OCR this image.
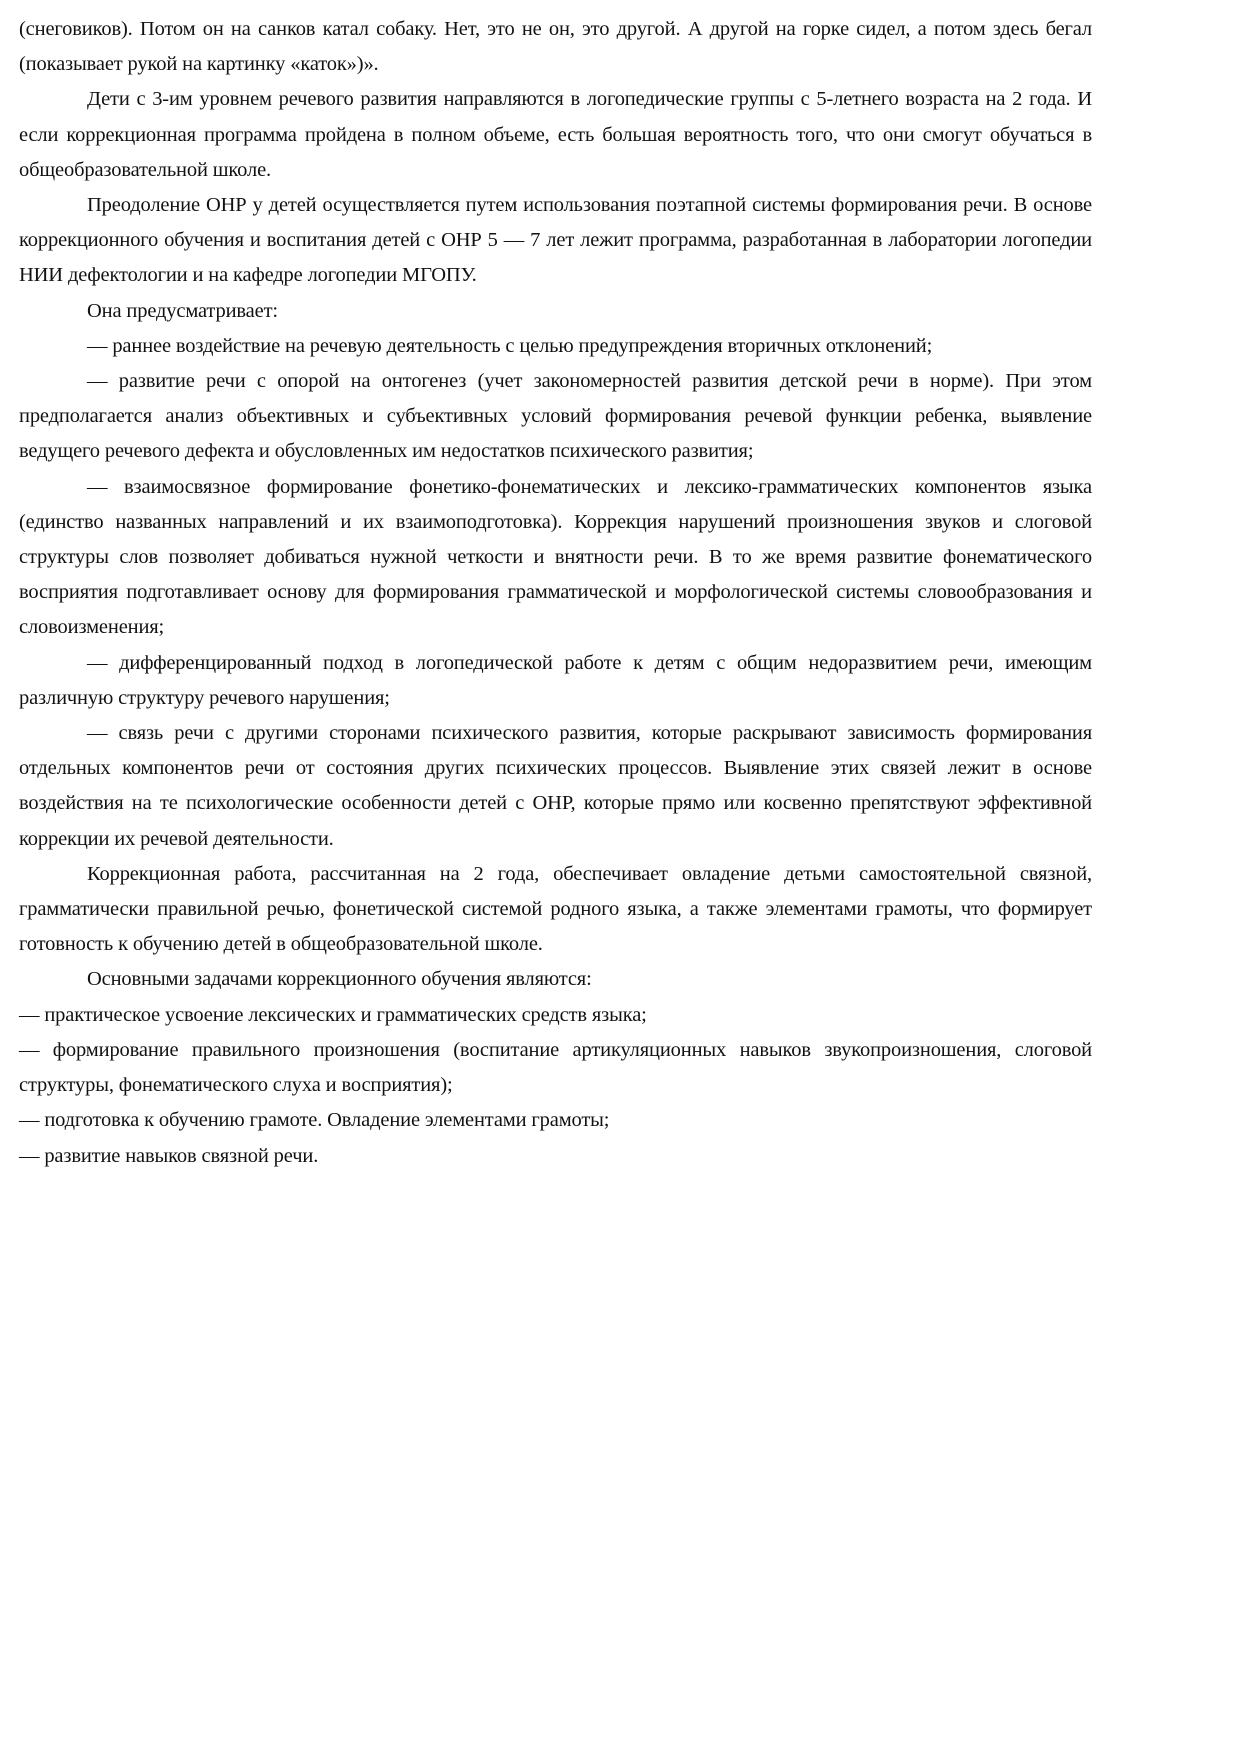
(снеговиков). Потом он на санков катал собаку. Нет, это не он, это другой. А другой на горке сидел, а потом здесь бегал (показывает рукой на картинку «каток»)».

Дети с 3-им уровнем речевого развития направляются в логопедические группы с 5-летнего возраста на 2 года. И если коррекционная программа пройдена в полном объеме, есть большая вероятность того, что они смогут обучаться в общеобразовательной школе.

Преодоление ОНР у детей осуществляется путем использования поэтапной системы формирования речи. В основе коррекционного обучения и воспитания детей с ОНР 5 — 7 лет лежит программа, разработанная в лаборатории логопедии НИИ дефектологии и на кафедре логопедии МГОПУ.

Она предусматривает:

— раннее воздействие на речевую деятельность с целью предупреждения вторичных отклонений;

— развитие речи с опорой на онтогенез (учет закономерностей развития детской речи в норме). При этом предполагается анализ объективных и субъективных условий формирования речевой функции ребенка, выявление ведущего речевого дефекта и обусловленных им недостатков психического развития;

— взаимосвязное формирование фонетико-фонематических и лексико-грамматических компонентов языка (единство названных направлений и их взаимоподготовка). Коррекция нарушений произношения звуков и слоговой структуры слов позволяет добиваться нужной четкости и внятности речи. В то же время развитие фонематического восприятия подготавливает основу для формирования грамматической и морфологической системы словообразования и словоизменения;

— дифференцированный подход в логопедической работе к детям с общим недоразвитием речи, имеющим различную структуру речевого нарушения;

— связь речи с другими сторонами психического развития, которые раскрывают зависимость формирования отдельных компонентов речи от состояния других психических процессов. Выявление этих связей лежит в основе воздействия на те психологические особенности детей с ОНР, которые прямо или косвенно препятствуют эффективной коррекции их речевой деятельности.

Коррекционная работа, рассчитанная на 2 года, обеспечивает овладение детьми самостоятельной связной, грамматически правильной речью, фонетической системой родного языка, а также элементами грамоты, что формирует готовность к обучению детей в общеобразовательной школе.

Основными задачами коррекционного обучения являются:

— практическое усвоение лексических и грамматических средств языка;

— формирование правильного произношения (воспитание артикуляционных навыков звукопроизношения, слоговой структуры, фонематического слуха и восприятия);

— подготовка к обучению грамоте. Овладение элементами грамоты;

— развитие навыков связной речи.
